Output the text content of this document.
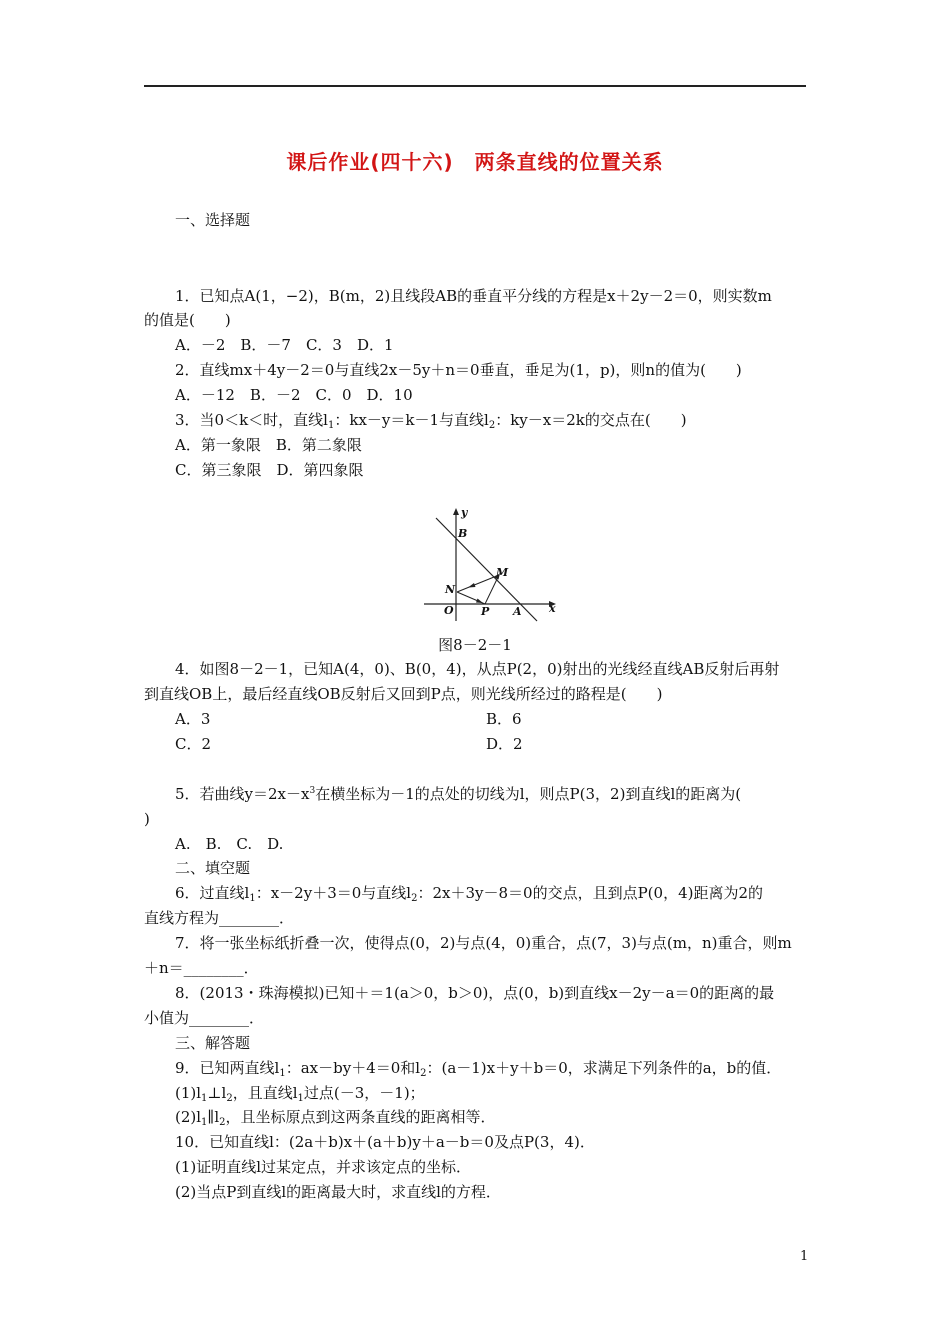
课后作业(四十六)　两条直线的位置关系
一、选择题
1．已知点A(1，−2)，B(m，2)且线段AB的垂直平分线的方程是x＋2y－2＝0，则实数m
的值是(　　)
A．－2　B．－7　C．3　D．1
2．直线mx＋4y－2＝0与直线2x－5y＋n＝0垂直，垂足为(1，p)，则n的值为(　　)
A．－12　B．－2　C．0　D．10
3．当0＜k＜时，直线$l_1$：kx－y＝k－1与直线$l_2$：ky－x＝2k的交点在(　　)
A．第一象限　B．第二象限
C．第三象限　D．第四象限
y
B
M
N
O P A x
图8－2－1
4．如图8－2－1，已知A(4，0)、B(0，4)，从点P(2，0)射出的光线经直线AB反射后再射
到直线OB上，最后经直线OB反射后又回到P点，则光线所经过的路程是(　　)
A．3	B．6
C．2	D．2
5．若曲线$y=2x-x^3$在横坐标为－1的点处的切线为l，则点P(3，2)到直线l的距离为(
)
A.　B.　C.　D.
二、填空题
6．过直线$l_1$：x－2y＋3＝0与直线$l_2$：2x＋3y－8＝0的交点，且到点P(0，4)距离为2的
直线方程为________．
7．将一张坐标纸折叠一次，使得点(0，2)与点(4，0)重合，点(7，3)与点(m，n)重合，则m
＋n＝________．
8．(2013・珠海模拟)已知＋＝1(a＞0，b＞0)，点(0，b)到直线x－2y－a＝0的距离的最
小值为________．
三、解答题
9．已知两直线$l_1$：ax－by＋4＝0和$l_2$：(a－1)x＋y＋b＝0，求满足下列条件的a，b的值．
$(1)l_1\perp l_2$，且直线$l_1$过点(－3，－1)；
$(2)l_1\parallel l_2$，且坐标原点到这两条直线的距离相等．
10．已知直线l：(2a＋b)x＋(a＋b)y＋a－b＝0及点P(3，4)．
(1)证明直线l过某定点，并求该定点的坐标．
(2)当点P到直线l的距离最大时，求直线l的方程．
1
